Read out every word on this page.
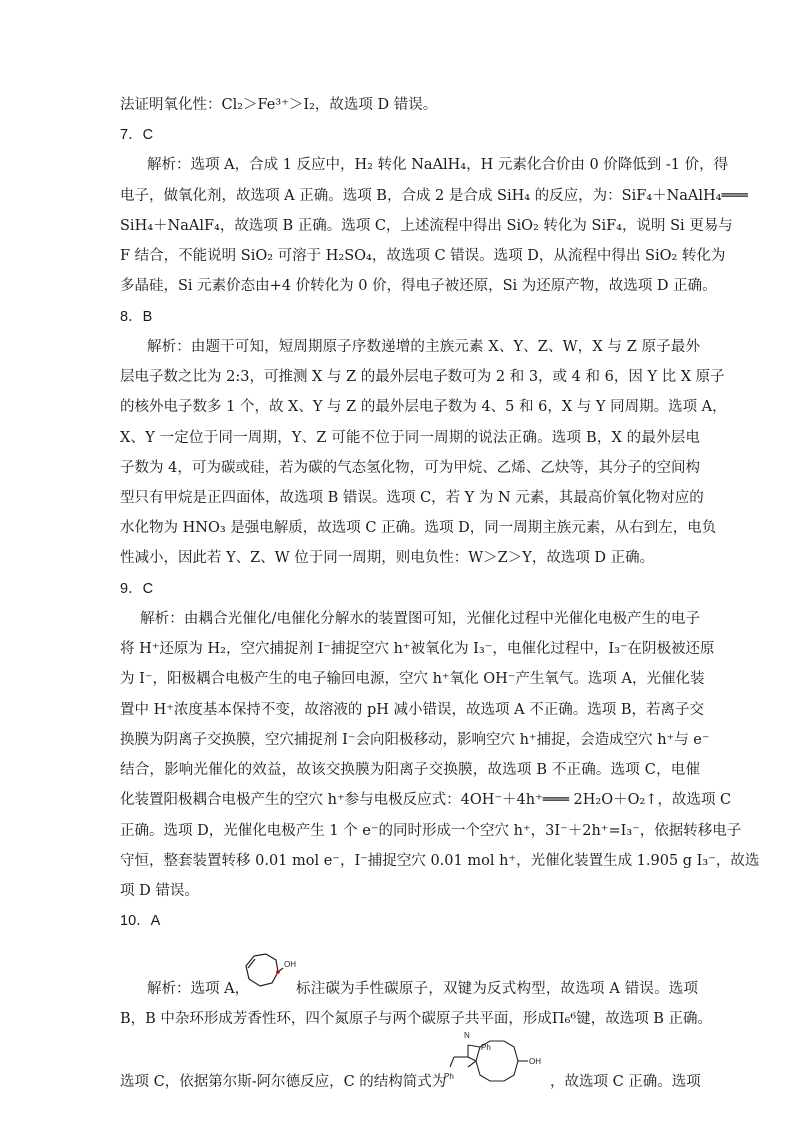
法证明氧化性：Cl₂＞Fe³⁺＞I₂，故选项 D 错误。
7．C
解析：选项 A，合成 1 反应中，H₂ 转化 NaAlH₄，H 元素化合价由 0 价降低到 -1 价，得
电子，做氧化剂，故选项 A 正确。选项 B，合成 2 是合成 SiH₄ 的反应，为：SiF₄＋NaAlH₄═══
SiH₄＋NaAlF₄，故选项 B 正确。选项 C，上述流程中得出 SiO₂ 转化为 SiF₄，说明 Si 更易与
F 结合，不能说明 SiO₂ 可溶于 H₂SO₄，故选项 C 错误。选项 D，从流程中得出 SiO₂ 转化为
多晶硅，Si 元素价态由+4 价转化为 0 价，得电子被还原，Si 为还原产物，故选项 D 正确。
8．B
解析：由题干可知，短周期原子序数递增的主族元素 X、Y、Z、W，X 与 Z 原子最外
层电子数之比为 2:3，可推测 X 与 Z 的最外层电子数可为 2 和 3，或 4 和 6，因 Y 比 X 原子
的核外电子数多 1 个，故 X、Y 与 Z 的最外层电子数为 4、5 和 6，X 与 Y 同周期。选项 A，
X、Y 一定位于同一周期，Y、Z 可能不位于同一周期的说法正确。选项 B，X 的最外层电
子数为 4，可为碳或硅，若为碳的气态氢化物，可为甲烷、乙烯、乙炔等，其分子的空间构
型只有甲烷是正四面体，故选项 B 错误。选项 C，若 Y 为 N 元素，其最高价氧化物对应的
水化物为 HNO₃ 是强电解质，故选项 C 正确。选项 D，同一周期主族元素，从右到左，电负
性减小，因此若 Y、Z、W 位于同一周期，则电负性：W＞Z＞Y，故选项 D 正确。
9．C
解析：由耦合光催化/电催化分解水的装置图可知，光催化过程中光催化电极产生的电子
将 H⁺还原为 H₂，空穴捕捉剂 I⁻捕捉空穴 h⁺被氧化为 I₃⁻，电催化过程中，I₃⁻在阴极被还原
为 I⁻，阳极耦合电极产生的电子输回电源，空穴 h⁺氧化 OH⁻产生氧气。选项 A，光催化装
置中 H⁺浓度基本保持不变，故溶液的 pH 减小错误，故选项 A 不正确。选项 B，若离子交
换膜为阴离子交换膜，空穴捕捉剂 I⁻会向阳极移动，影响空穴 h⁺捕捉，会造成空穴 h⁺与 e⁻
结合，影响光催化的效益，故该交换膜为阳离子交换膜，故选项 B 不正确。选项 C，电催
化装置阳极耦合电极产生的空穴 h⁺参与电极反应式：4OH⁻＋4h⁺═══ 2H₂O＋O₂↑，故选项 C
正确。选项 D，光催化电极产生 1 个 e⁻的同时形成一个空穴 h⁺，3I⁻＋2h⁺=I₃⁻，依据转移电子
守恒，整套装置转移 0.01 mol e⁻，I⁻捕捉空穴 0.01 mol h⁺，光催化装置生成 1.905 g I₃⁻，故选
项 D 错误。
10．A
解析：选项 A，
OH
标注碳为手性碳原子，双键为反式构型，故选项 A 错误。选项
B，B 中杂环形成芳香性环，四个氮原子与两个碳原子共平面，形成Π₆⁶键，故选项 B 正确。
N
Ph
Ph
OH
选项 C，依据第尔斯-阿尔德反应，C 的结构简式为	，故选项 C 正确。选项
